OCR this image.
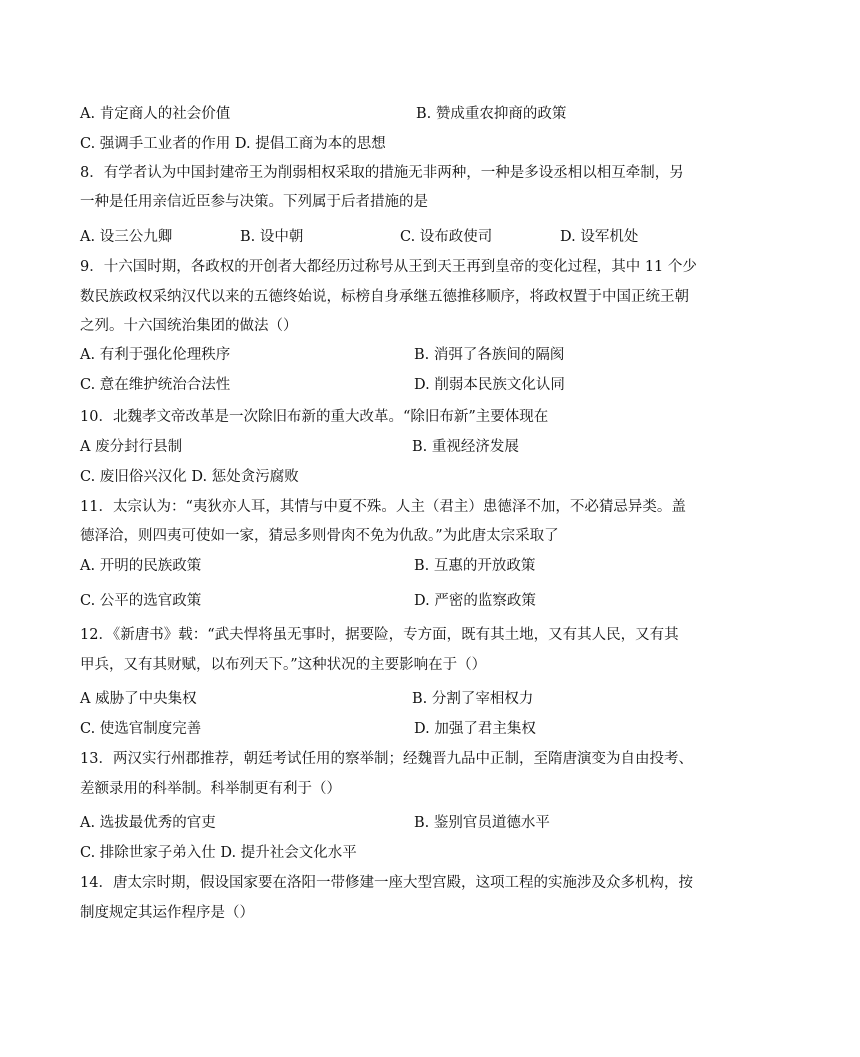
A. 肯定商人的社会价值	B. 赞成重农抑商的政策
C. 强调手工业者的作用 D. 提倡工商为本的思想
8．有学者认为中国封建帝王为削弱相权采取的措施无非两种，一种是多设丞相以相互牵制，另
一种是任用亲信近臣参与决策。下列属于后者措施的是
A. 设三公九卿	B. 设中朝	C. 设布政使司	D. 设军机处
9．十六国时期，各政权的开创者大都经历过称号从王到天王再到皇帝的变化过程，其中 11 个少
数民族政权采纳汉代以来的五德终始说，标榜自身承继五德推移顺序，将政权置于中国正统王朝
之列。十六国统治集团的做法（）
A. 有利于强化伦理秩序	B. 消弭了各族间的隔阂
C. 意在维护统治合法性	D. 削弱本民族文化认同
10．北魏孝文帝改革是一次除旧布新的重大改革。“除旧布新”主要体现在
A 废分封行县制	B. 重视经济发展
C. 废旧俗兴汉化 D. 惩处贪污腐败
11．太宗认为：“夷狄亦人耳，其情与中夏不殊。人主（君主）患德泽不加，不必猜忌异类。盖
德泽洽，则四夷可使如一家，猜忌多则骨肉不免为仇敌。”为此唐太宗采取了
A. 开明的民族政策	B. 互惠的开放政策
C. 公平的选官政策	D. 严密的监察政策
12．《新唐书》载：“武夫悍将虽无事时，据要险，专方面，既有其土地，又有其人民，又有其
甲兵，又有其财赋，以布列天下。”这种状况的主要影响在于（）
A 威胁了中央集权	B. 分割了宰相权力
C. 使选官制度完善	D. 加强了君主集权
13．两汉实行州郡推荐，朝廷考试任用的察举制；经魏晋九品中正制，至隋唐演变为自由投考、
差额录用的科举制。科举制更有利于（）
A. 选拔最优秀的官吏	B. 鉴别官员道德水平
C. 排除世家子弟入仕 D. 提升社会文化水平
14．唐太宗时期，假设国家要在洛阳一带修建一座大型宫殿，这项工程的实施涉及众多机构，按
制度规定其运作程序是（）
